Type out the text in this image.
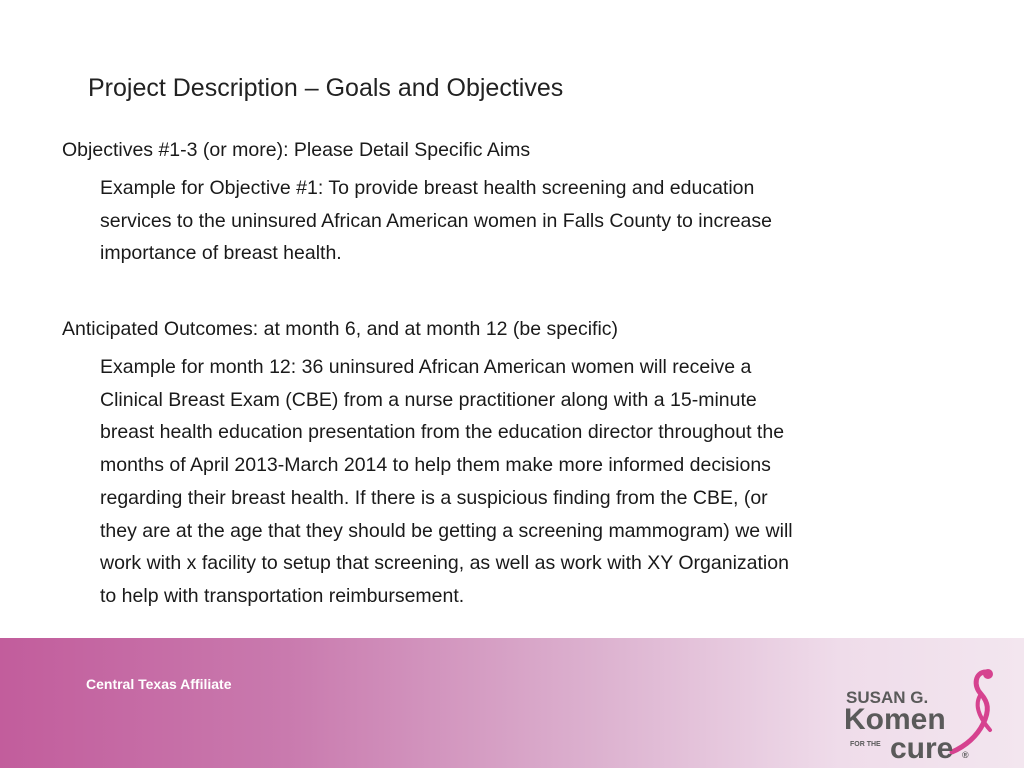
Project Description – Goals and Objectives
Objectives #1-3 (or more): Please Detail Specific Aims
Example for Objective #1: To provide breast health screening and education
services to the uninsured African American women in Falls County to increase
importance of breast health.
Anticipated Outcomes: at month 6, and at month 12 (be specific)
Example for month 12: 36 uninsured African American women will receive a
Clinical Breast Exam (CBE) from a nurse practitioner along with a 15-minute
breast health education presentation from the education director throughout the
months of April 2013-March 2014 to help them make more informed decisions
regarding their breast health. If there is a suspicious finding from the CBE, (or
they are at the age that they should be getting a screening mammogram) we will
work with x facility to setup that screening, as well as work with XY Organization
to help with transportation reimbursement.
Central Texas Affiliate
SUSAN G.
Komen
FOR THE cure ®
